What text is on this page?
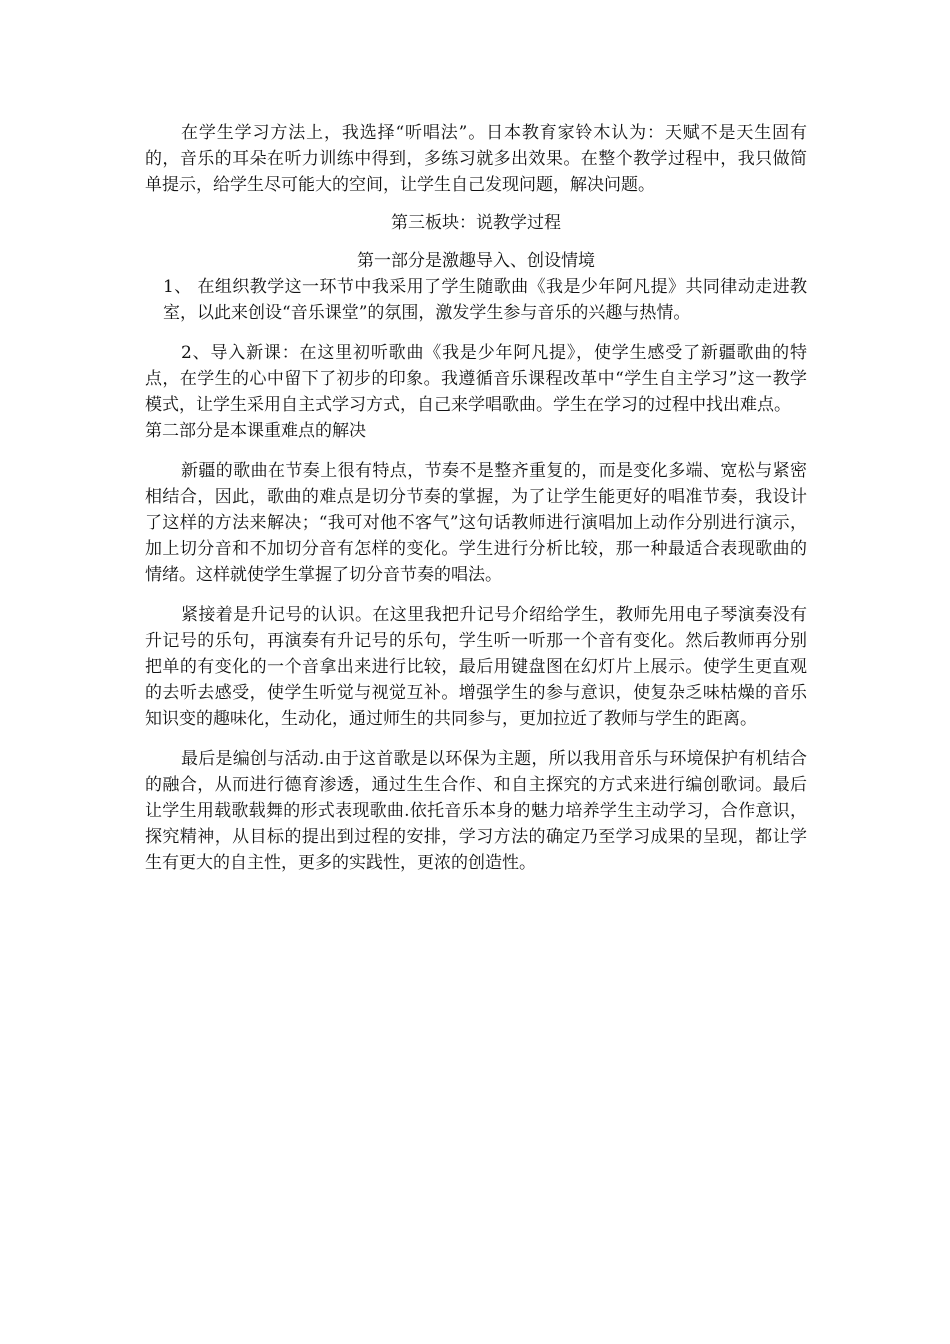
在学生学习方法上，我选择“听唱法”。日本教育家铃木认为：天赋不是天生固有的，音乐的耳朵在听力训练中得到，多练习就多出效果。在整个教学过程中，我只做简单提示，给学生尽可能大的空间，让学生自己发现问题，解决问题。

第三板块：说教学过程

第一部分是激趣导入、创设情境

1、 在组织教学这一环节中我采用了学生随歌曲《我是少年阿凡提》共同律动走进教室，以此来创设“音乐课堂”的氛围，激发学生参与音乐的兴趣与热情。

2、导入新课：在这里初听歌曲《我是少年阿凡提》，使学生感受了新疆歌曲的特点，在学生的心中留下了初步的印象。我遵循音乐课程改革中“学生自主学习”这一教学模式，让学生采用自主式学习方式，自己来学唱歌曲。学生在学习的过程中找出难点。

第二部分是本课重难点的解决

新疆的歌曲在节奏上很有特点，节奏不是整齐重复的，而是变化多端、宽松与紧密相结合，因此，歌曲的难点是切分节奏的掌握，为了让学生能更好的唱准节奏，我设计了这样的方法来解决；“我可对他不客气”这句话教师进行演唱加上动作分别进行演示，加上切分音和不加切分音有怎样的变化。学生进行分析比较，那一种最适合表现歌曲的情绪。这样就使学生掌握了切分音节奏的唱法。

紧接着是升记号的认识。在这里我把升记号介绍给学生，教师先用电子琴演奏没有升记号的乐句，再演奏有升记号的乐句，学生听一听那一个音有变化。然后教师再分别把单的有变化的一个音拿出来进行比较，最后用键盘图在幻灯片上展示。使学生更直观的去听去感受，使学生听觉与视觉互补。增强学生的参与意识，使复杂乏味枯燥的音乐知识变的趣味化，生动化，通过师生的共同参与，更加拉近了教师与学生的距离。

最后是编创与活动.由于这首歌是以环保为主题，所以我用音乐与环境保护有机结合的融合，从而进行德育渗透，通过生生合作、和自主探究的方式来进行编创歌词。最后让学生用载歌载舞的形式表现歌曲.依托音乐本身的魅力培养学生主动学习，合作意识，探究精神，从目标的提出到过程的安排，学习方法的确定乃至学习成果的呈现，都让学生有更大的自主性，更多的实践性，更浓的创造性。
